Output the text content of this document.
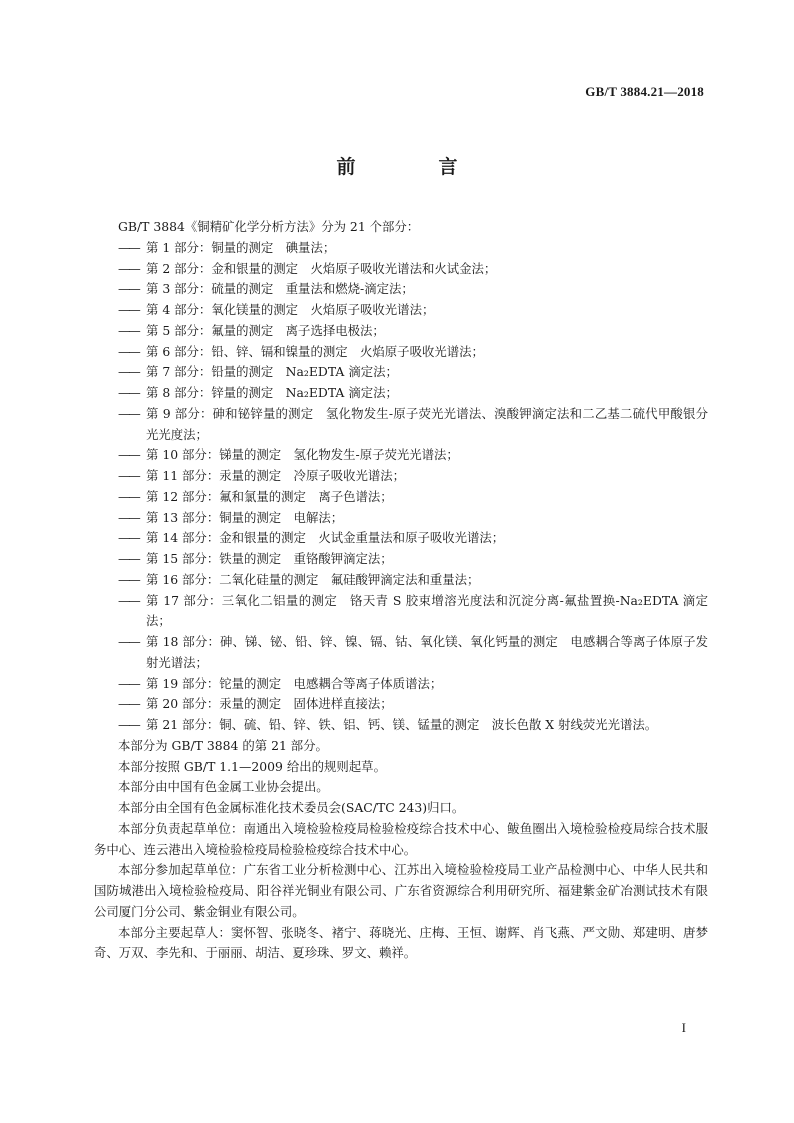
GB/T 3884.21—2018
前　言
GB/T 3884《铜精矿化学分析方法》分为 21 个部分：
—— 第 1 部分：铜量的测定　碘量法；
—— 第 2 部分：金和银量的测定　火焰原子吸收光谱法和火试金法；
—— 第 3 部分：硫量的测定　重量法和燃烧-滴定法；
—— 第 4 部分：氧化镁量的测定　火焰原子吸收光谱法；
—— 第 5 部分：氟量的测定　离子选择电极法；
—— 第 6 部分：铅、锌、镉和镍量的测定　火焰原子吸收光谱法；
—— 第 7 部分：铅量的测定　Na₂EDTA 滴定法；
—— 第 8 部分：锌量的测定　Na₂EDTA 滴定法；
—— 第 9 部分：砷和铋锌量的测定　氢化物发生-原子荧光光谱法、溴酸钾滴定法和二乙基二硫代甲酸银分光光度法；
—— 第 10 部分：锑量的测定　氢化物发生-原子荧光光谱法；
—— 第 11 部分：汞量的测定　冷原子吸收光谱法；
—— 第 12 部分：氟和氯量的测定　离子色谱法；
—— 第 13 部分：铜量的测定　电解法；
—— 第 14 部分：金和银量的测定　火试金重量法和原子吸收光谱法；
—— 第 15 部分：铁量的测定　重铬酸钾滴定法；
—— 第 16 部分：二氧化硅量的测定　氟硅酸钾滴定法和重量法；
—— 第 17 部分：三氧化二铝量的测定　铬天青 S 胶束增溶光度法和沉淀分离-氟盐置换-Na₂EDTA 滴定法；
—— 第 18 部分：砷、锑、铋、铅、锌、镍、镉、钴、氧化镁、氧化钙量的测定　电感耦合等离子体原子发射光谱法；
—— 第 19 部分：铊量的测定　电感耦合等离子体质谱法；
—— 第 20 部分：汞量的测定　固体进样直接法；
—— 第 21 部分：铜、硫、铅、锌、铁、铝、钙、镁、锰量的测定　波长色散 X 射线荧光光谱法。
本部分为 GB/T 3884 的第 21 部分。
本部分按照 GB/T 1.1—2009 给出的规则起草。
本部分由中国有色金属工业协会提出。
本部分由全国有色金属标准化技术委员会(SAC/TC 243)归口。
本部分负责起草单位：南通出入境检验检疫局检验检疫综合技术中心、鲅鱼圈出入境检验检疫局综合技术服务中心、连云港出入境检验检疫局检验检疫综合技术中心。
本部分参加起草单位：广东省工业分析检测中心、江苏出入境检验检疫局工业产品检测中心、中华人民共和国防城港出入境检验检疫局、阳谷祥光铜业有限公司、广东省资源综合利用研究所、福建紫金矿冶测试技术有限公司厦门分公司、紫金铜业有限公司。
本部分主要起草人：窦怀智、张晓冬、褚宁、蒋晓光、庄梅、王恒、谢辉、肖飞燕、严文勋、郑建明、唐梦奇、万双、李先和、于丽丽、胡洁、夏珍珠、罗文、赖祥。
I
